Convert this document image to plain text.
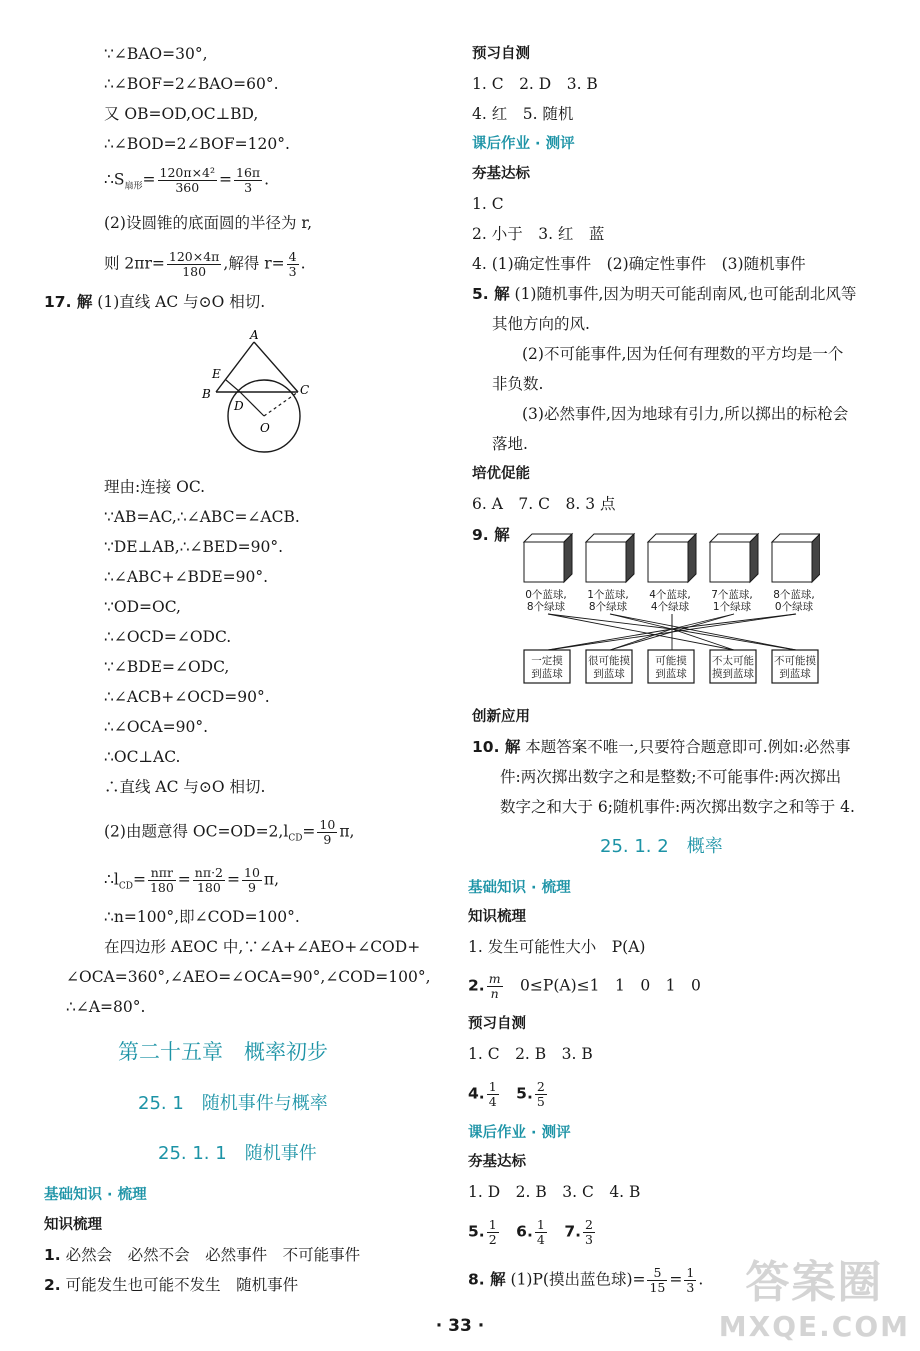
∵∠BAO=30°,
∴∠BOF=2∠BAO=60°.
又 OB=OD,OC⊥BD,
∴∠BOD=2∠BOF=120°.
$\therefore S_{扇形}= \frac{\text{120π×4²}}{360} = \frac{16\pi}{3}$ .
(2)设圆锥的底面圆的半径为 r,
则 $2\pi r= \frac{120\times 4\pi}{180}$ ,解得 $r= \frac{4}{3}$ .
17. 解 (1)直线 AC 与⊙O 相切.
A
E
B
D
C
O
理由:连接 OC.
∵AB=AC,∴∠ABC=∠ACB.
∵DE⊥AB,∴∠BED=90°.
∴∠ABC+∠BDE=90°.
∵OD=OC,
∴∠OCD=∠ODC.
∵∠BDE=∠ODC,
∴∠ACB+∠OCD=90°.
∴∠OCA=90°.
∴OC⊥AC.
∴直线 AC 与⊙O 相切.
(2)由题意得 $OC=OD=2,l_{CD}= \frac{10}{9} \pi$,
$\therefore l_{CD}= \frac{\text{nπr}}{180} = \frac{n\pi\cdot 2}{180} = \frac{10}{9} \pi$,
∴n=100°,即∠COD=100°.
在四边形 AEOC 中,∵∠A+∠AEO+∠COD+
∠OCA=360°,∠AEO=∠OCA=90°,∠COD=100°,
∴∠A=80°.
第二十五章　概率初步
25. 1　随机事件与概率
25. 1. 1　随机事件
基础知识 · 梳理
知识梳理
1. 必然会　必然不会　必然事件　不可能事件
2. 可能发生也可能不发生　随机事件
预习自测
1. C　2. D　3. B
4. 红　5. 随机
课后作业 · 测评
夯基达标
1. C
2. 小于　3. 红　蓝
4. (1)确定性事件　(2)确定性事件　(3)随机事件
5. 解 (1)随机事件,因为明天可能刮南风,也可能刮北风等
其他方向的风.
(2)不可能事件,因为任何有理数的平方均是一个
非负数.
(3)必然事件,因为地球有引力,所以掷出的标枪会
落地.
培优促能
6. A　7. C　8. 3 点
9. 解
0个蓝球,
8个绿球
1个蓝球,
8个绿球
4个蓝球,
4个绿球
7个蓝球,
1个绿球
8个蓝球,
0个绿球
一定摸
到蓝球
很可能摸
到蓝球
可能摸
到蓝球
不太可能
摸到蓝球
不可能摸
到蓝球
创新应用
10. 解 本题答案不唯一,只要符合题意即可.例如:必然事
件:两次掷出数字之和是整数;不可能事件:两次掷出
数字之和大于 6;随机事件:两次掷出数字之和等于 4.
25. 1. 2　概率
基础知识 · 梳理
知识梳理
1. 发生可能性大小　P(A)
2. $\frac{m}{n}$ 　0≤P(A)≤1　1　0　1　0
预习自测
1. C　2. B　3. B
4. $\frac{1}{4}$
　 5. $\frac{2}{5}$
课后作业 · 测评
夯基达标
1. D　2. B　3. C　4. B
5. $\frac{1}{2}$
　 6. $\frac{1}{4}$
　 7. $\frac{2}{3}$
8. 解 (1)P(摸出蓝色球)= $\frac{5}{15} = \frac{1}{3}$ . 答案圈
MXQE.COM
· 33 ·
